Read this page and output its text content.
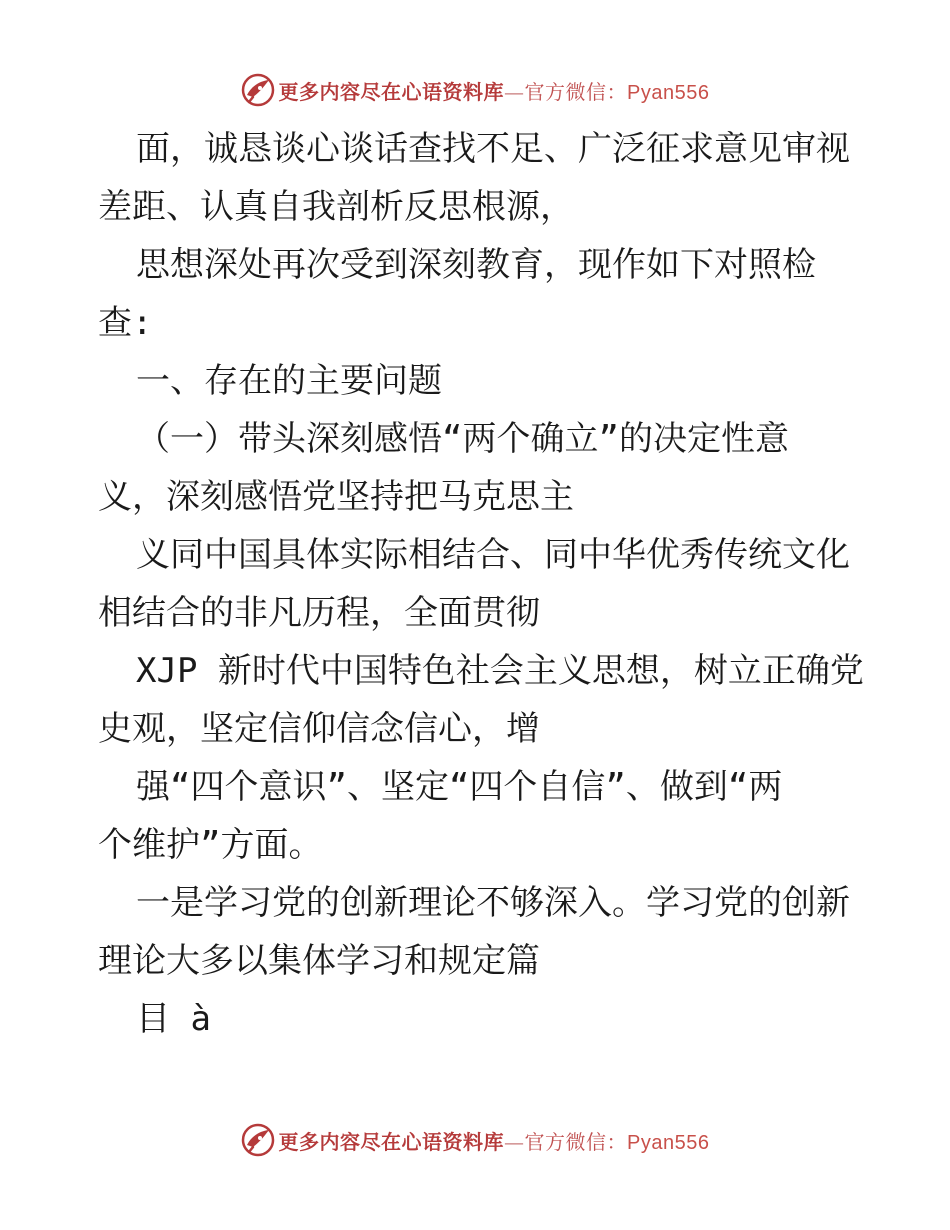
更多内容尽在心语资料库—官方微信：Pyan556
面，诚恳谈心谈话查找不足、广泛征求意见审视
差距、认真自我剖析反思根源，
思想深处再次受到深刻教育，现作如下对照检
查:
一、存在的主要问题
（一）带头深刻感悟“两个确立”的决定性意
义，深刻感悟党坚持把马克思主
义同中国具体实际相结合、同中华优秀传统文化
相结合的非凡历程，全面贯彻
XJP 新时代中国特色社会主义思想，树立正确党
史观，坚定信仰信念信心，增
强“四个意识”、坚定“四个自信”、做到“两
个维护”方面。
一是学习党的创新理论不够深入。学习党的创新
理论大多以集体学习和规定篇
目 à
更多内容尽在心语资料库—官方微信：Pyan556
